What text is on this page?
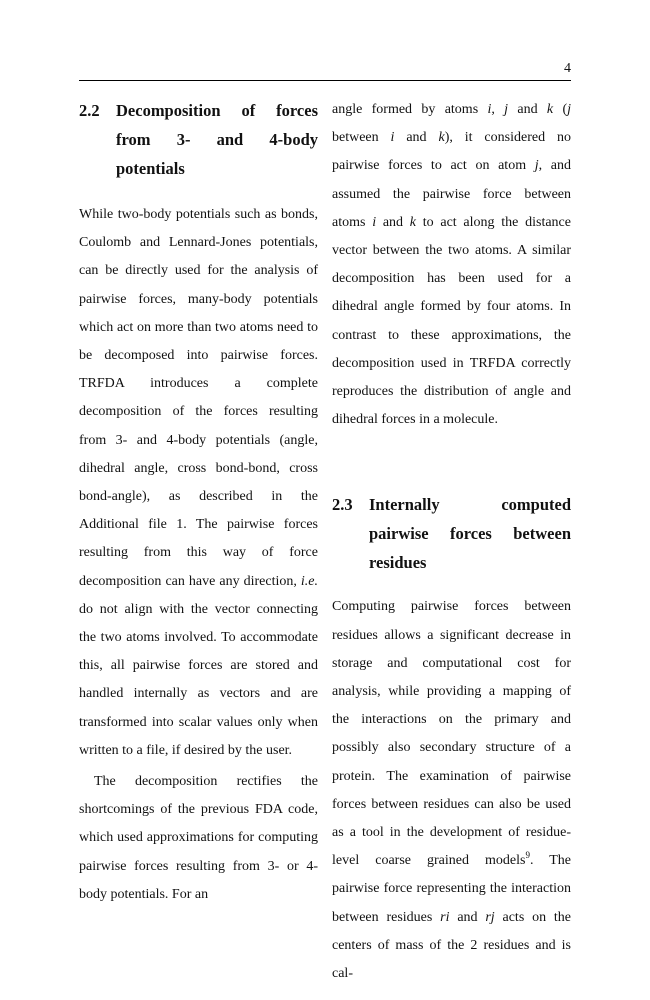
4
2.2 Decomposition of forces from 3- and 4-body potentials

While two-body potentials such as bonds, Coulomb and Lennard-Jones potentials, can be directly used for the analysis of pairwise forces, many-body potentials which act on more than two atoms need to be decomposed into pairwise forces. TRFDA introduces a complete decomposition of the forces resulting from 3- and 4-body potentials (angle, dihedral angle, cross bond-bond, cross bond-angle), as described in the Additional file 1. The pairwise forces resulting from this way of force decomposition can have any direction, i.e. do not align with the vector connecting the two atoms involved. To accommodate this, all pairwise forces are stored and handled internally as vectors and are transformed into scalar values only when written to a file, if desired by the user.

The decomposition rectifies the shortcomings of the previous FDA code, which used approximations for computing pairwise forces resulting from 3- or 4-body potentials. For an

angle formed by atoms i, j and k (j between i and k), it considered no pairwise forces to act on atom j, and assumed the pairwise force between atoms i and k to act along the distance vector between the two atoms. A similar decomposition has been used for a dihedral angle formed by four atoms. In contrast to these approximations, the decomposition used in TRFDA correctly reproduces the distribution of angle and dihedral forces in a molecule.

2.3 Internally computed pairwise forces between residues

Computing pairwise forces between residues allows a significant decrease in storage and computational cost for analysis, while providing a mapping of the interactions on the primary and possibly also secondary structure of a protein. The examination of pairwise forces between residues can also be used as a tool in the development of residue-level coarse grained models$^9$. The pairwise force representing the interaction between residues ri and rj acts on the centers of mass of the 2 residues and is cal-
